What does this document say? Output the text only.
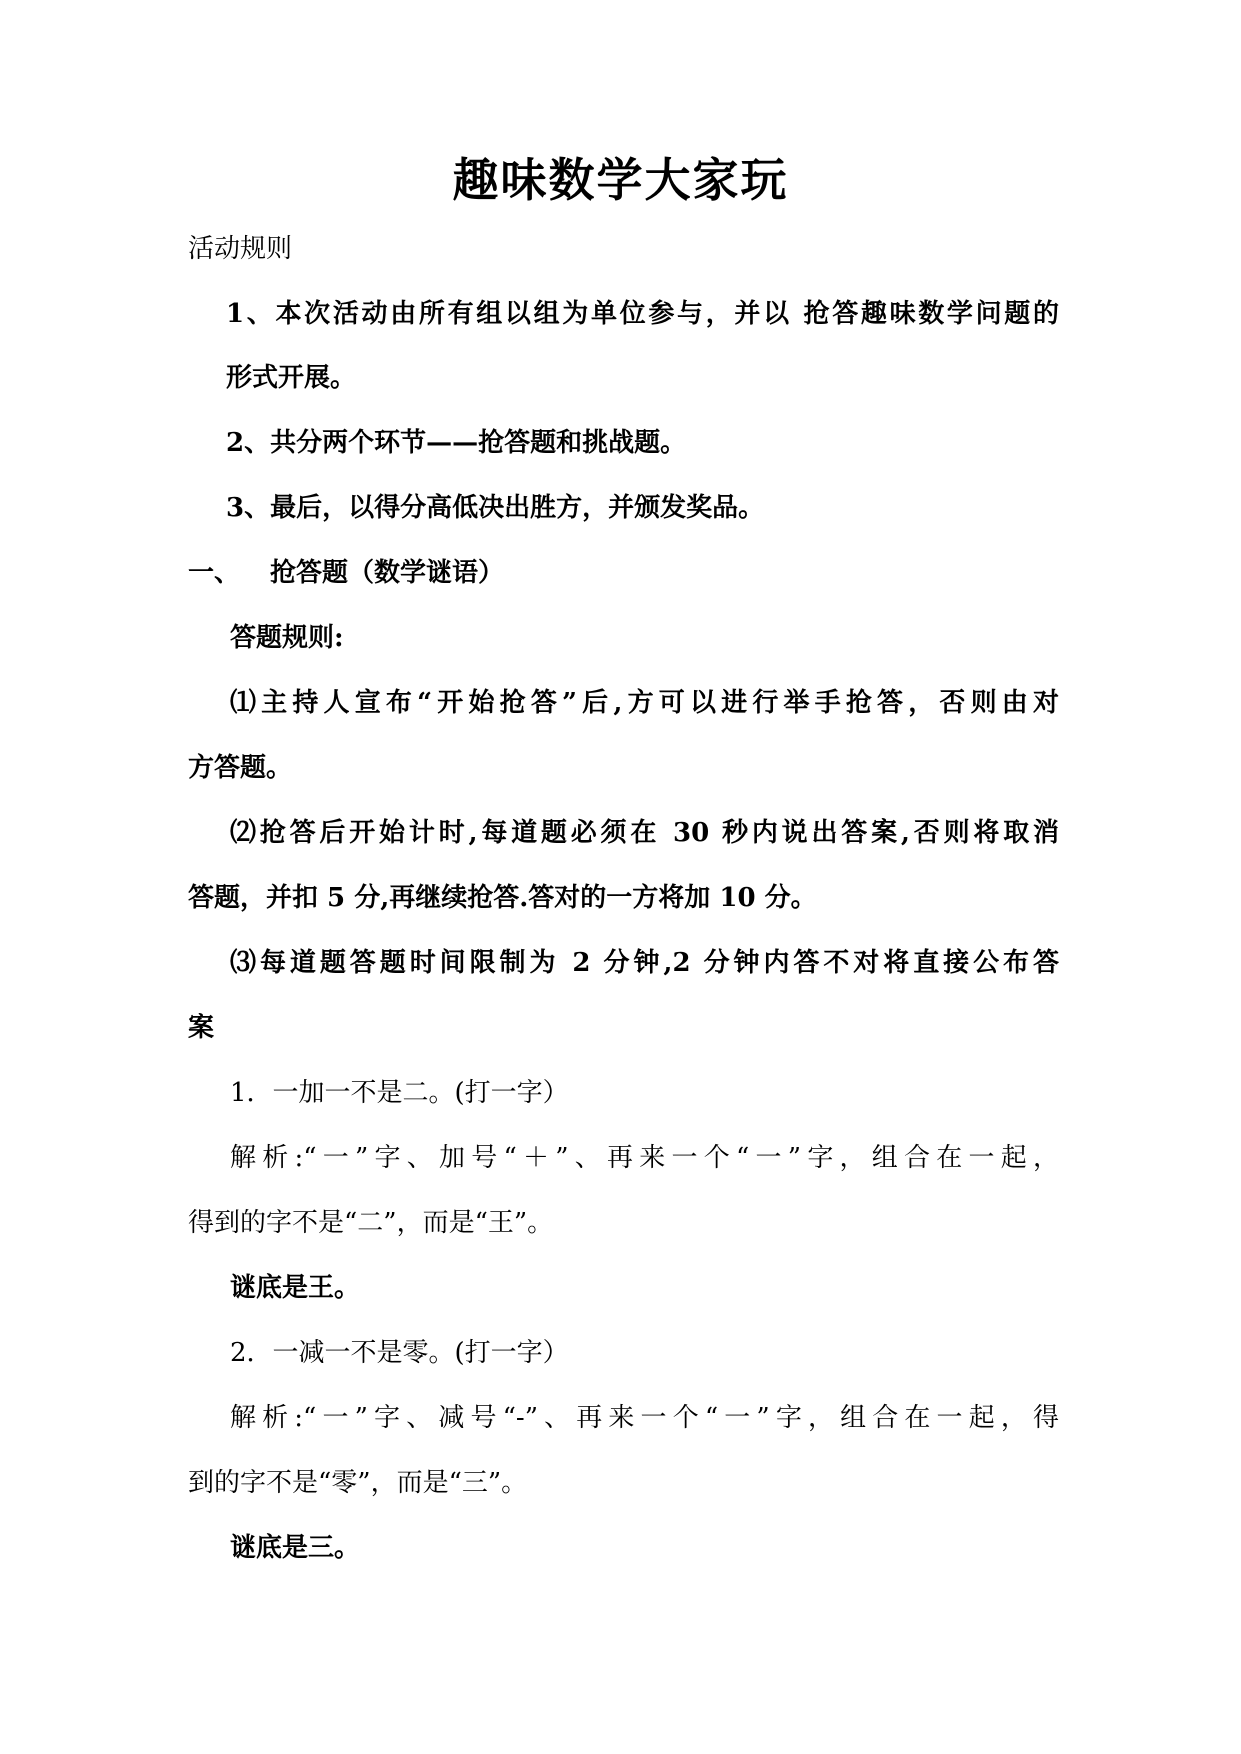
趣味数学大家玩
活动规则
1、本次活动由所有组以组为单位参与，并以 抢答趣味数学问题的
形式开展。
2、共分两个环节——抢答题和挑战题。
3、最后，以得分高低决出胜方，并颁发奖品。
一、 抢答题（数学谜语）
答题规则:
⑴主持人宣布“开始抢答”后,方可以进行举手抢答，否则由对
方答题。
⑵抢答后开始计时,每道题必须在 30 秒内说出答案,否则将取消
答题，并扣 5 分,再继续抢答.答对的一方将加 10 分。
⑶每道题答题时间限制为 2 分钟,2 分钟内答不对将直接公布答
案
1．一加一不是二。(打一字）
解析:“一”字、加号“＋”、再来一个“一”字，组合在一起，
得到的字不是“二”，而是“王”。
谜底是王。
2．一减一不是零。(打一字）
解析:“一”字、减号“-”、再来一个“一”字，组合在一起，得
到的字不是“零”，而是“三”。
谜底是三。
